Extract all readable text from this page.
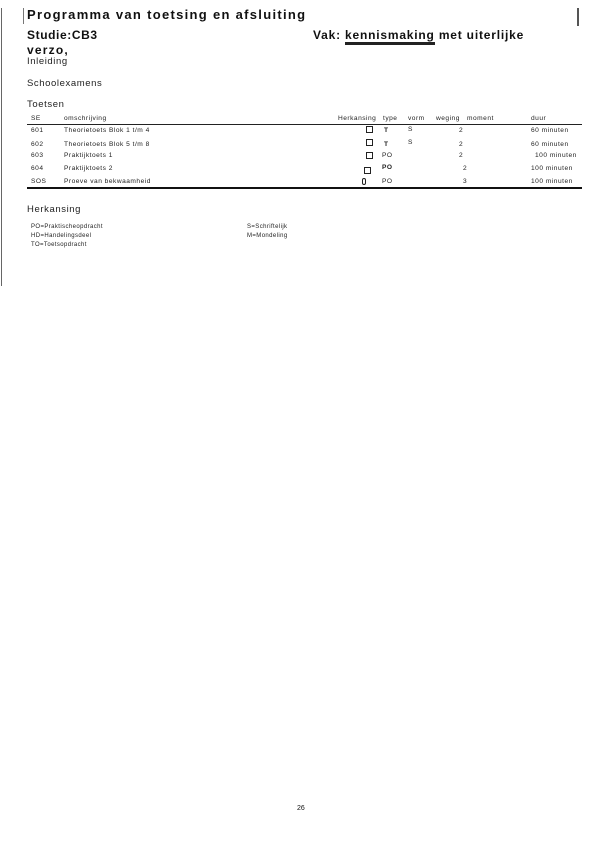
Programma van toetsing en afsluiting
Studie:CB3
verzo,
Vak: kennismaking met uiterlijke
Inleiding
Schoolexamens
Toetsen
SE	omschrijving	Herkansing type vorm weging moment	duur
601	Theorietoets Blok 1 t/m 4	T	S	2	60 minuten
602	Theorietoets Blok 5 t/m 8	T	S	2	60 minuten
603	Praktijktoets 1	PO	2	100 minuten
604	Praktijktoets 2	PO	2	100 minuten
SOS	Proeve van bekwaamheid	PO	3	100 minuten
Herkansing
PO=Praktischeopdracht
HD=Handelingsdeel
TO=Toetsopdracht
S=Schriftelijk
M=Mondeling
26
